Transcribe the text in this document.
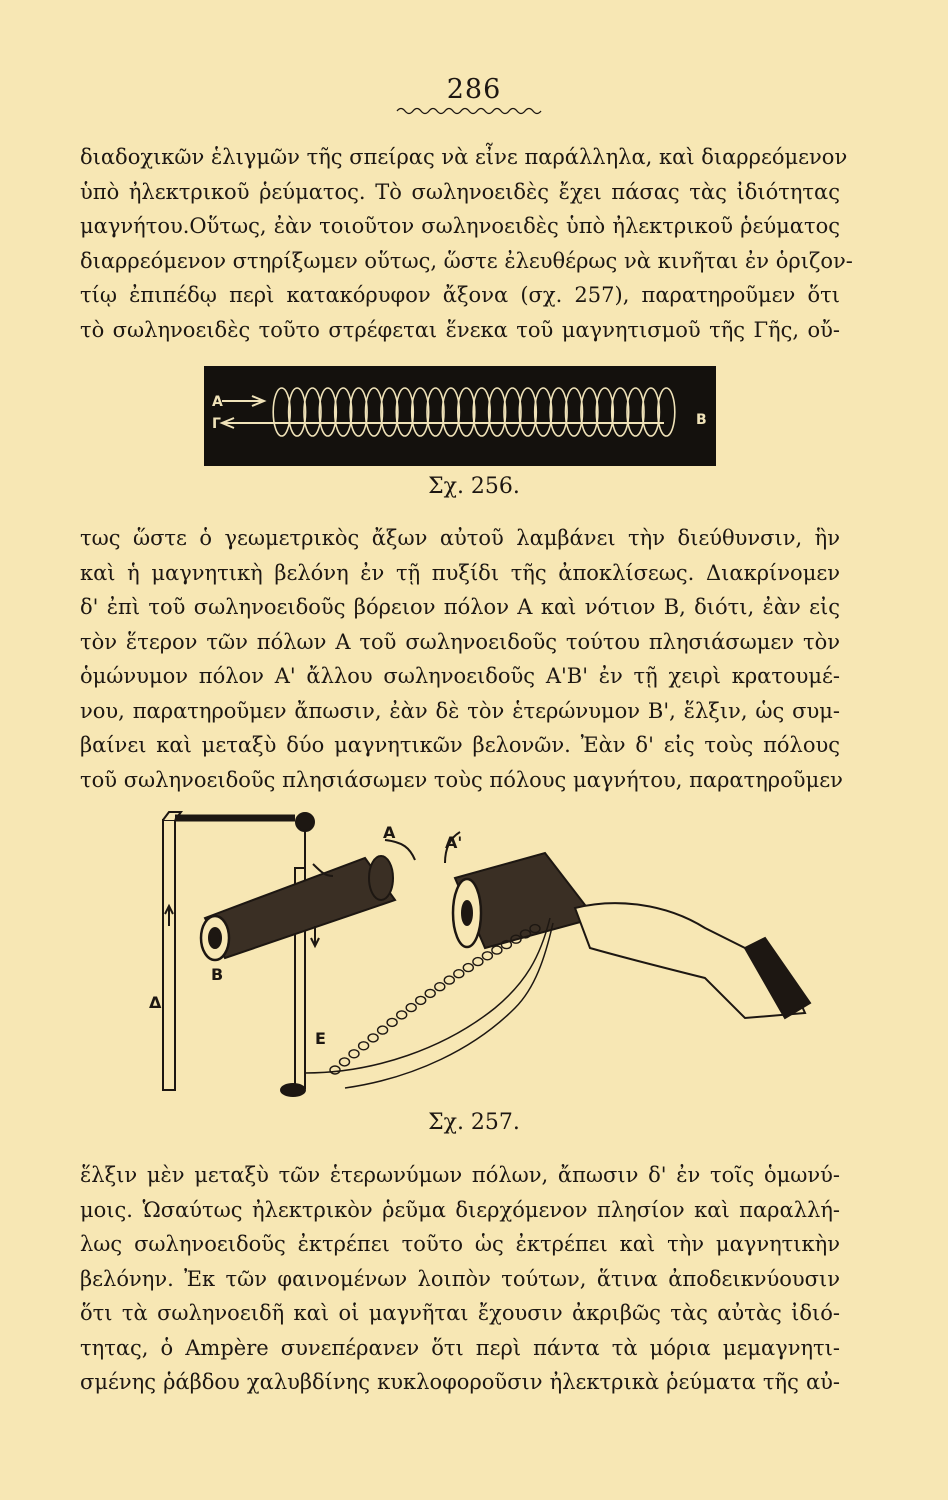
286
διαδοχικῶν ἑλιγμῶν τῆς σπείρας νὰ εἶνε παράλληλα, καὶ διαρρεόμενον
ὑπὸ ἠλεκτρικοῦ ῥεύματος. Τὸ σωληνοειδὲς ἔχει πάσας τὰς ἰδιότητας
μαγνήτου.Οὕτως, ἐὰν τοιοῦτον σωληνοειδὲς ὑπὸ ἠλεκτρικοῦ ῥεύματος
διαρρεόμενον στηρίξωμεν οὕτως, ὥστε ἐλευθέρως νὰ κινῆται ἐν ὁριζον-
τίῳ ἐπιπέδῳ περὶ κατακόρυφον ἄξονα (σχ. 257), παρατηροῦμεν ὅτι
τὸ σωληνοειδὲς τοῦτο στρέφεται ἕνεκα τοῦ μαγνητισμοῦ τῆς Γῆς, οὔ-
Α
Γ	Β
Σχ. 256.
τως ὥστε ὁ γεωμετρικὸς ἄξων αὐτοῦ λαμβάνει τὴν διεύθυνσιν, ἣν
καὶ ἡ μαγνητικὴ βελόνη ἐν τῇ πυξίδι τῆς ἀποκλίσεως. Διακρίνομεν
δ' ἐπὶ τοῦ σωληνοειδοῦς βόρειον πόλον Α καὶ νότιον Β, διότι, ἐὰν εἰς
τὸν ἕτερον τῶν πόλων Α τοῦ σωληνοειδοῦς τούτου πλησιάσωμεν τὸν
ὁμώνυμον πόλον Α' ἄλλου σωληνοειδοῦς Α'Β' ἐν τῇ χειρὶ κρατουμέ-
νου, παρατηροῦμεν ἄπωσιν, ἐὰν δὲ τὸν ἑτερώνυμον Β', ἕλξιν, ὡς συμ-
βαίνει καὶ μεταξὺ δύο μαγνητικῶν βελονῶν. Ἐὰν δ' εἰς τοὺς πόλους
τοῦ σωληνοειδοῦς πλησιάσωμεν τοὺς πόλους μαγνήτου, παρατηροῦμεν
Α
Α'
Β
Β'
Δ
Ε
Σχ. 257.
ἕλξιν μὲν μεταξὺ τῶν ἑτερωνύμων πόλων, ἄπωσιν δ' ἐν τοῖς ὁμωνύ-
μοις. Ὡσαύτως ἠλεκτρικὸν ῥεῦμα διερχόμενον πλησίον καὶ παραλλή-
λως σωληνοειδοῦς ἐκτρέπει τοῦτο ὡς ἐκτρέπει καὶ τὴν μαγνητικὴν
βελόνην. Ἐκ τῶν φαινομένων λοιπὸν τούτων, ἅτινα ἀποδεικνύουσιν
ὅτι τὰ σωληνοειδῆ καὶ οἱ μαγνῆται ἔχουσιν ἀκριβῶς τὰς αὐτὰς ἰδιό-
τητας, ὁ Ampère συνεπέρανεν ὅτι περὶ πάντα τὰ μόρια μεμαγνητι-
σμένης ῥάβδου χαλυβδίνης κυκλοφοροῦσιν ἠλεκτρικὰ ῥεύματα τῆς αὐ-
